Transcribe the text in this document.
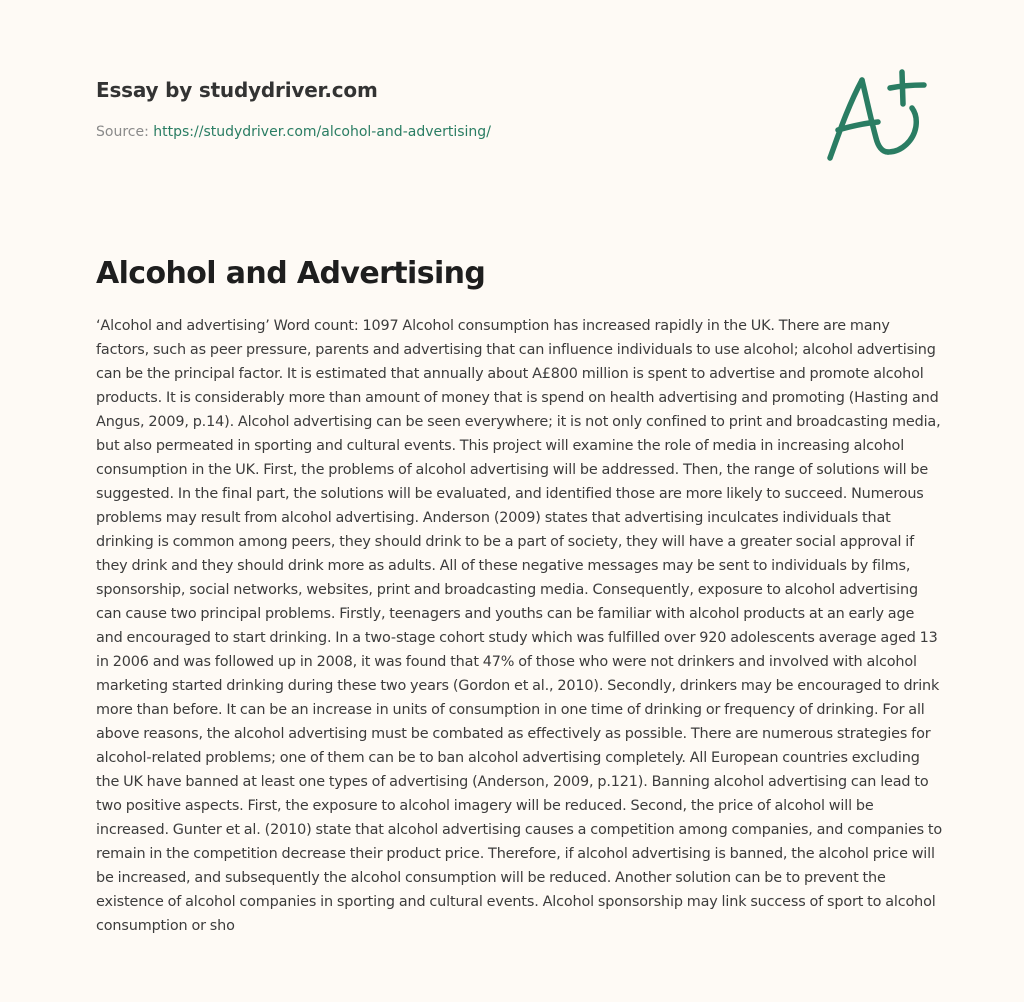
Essay by studydriver.com
Source: https://studydriver.com/alcohol-and-advertising/
Alcohol and Advertising

‘Alcohol and advertising’ Word count: 1097 Alcohol consumption has increased rapidly in the UK. There are many factors, such as peer pressure, parents and advertising that can influence individuals to use alcohol; alcohol advertising can be the principal factor. It is estimated that annually about A£800 million is spent to advertise and promote alcohol products. It is considerably more than amount of money that is spend on health advertising and promoting (Hasting and Angus, 2009, p.14). Alcohol advertising can be seen everywhere; it is not only confined to print and broadcasting media, but also permeated in sporting and cultural events. This project will examine the role of media in increasing alcohol consumption in the UK. First, the problems of alcohol advertising will be addressed. Then, the range of solutions will be suggested. In the final part, the solutions will be evaluated, and identified those are more likely to succeed. Numerous problems may result from alcohol advertising. Anderson (2009) states that advertising inculcates individuals that drinking is common among peers, they should drink to be a part of society, they will have a greater social approval if they drink and they should drink more as adults. All of these negative messages may be sent to individuals by films, sponsorship, social networks, websites, print and broadcasting media. Consequently, exposure to alcohol advertising can cause two principal problems. Firstly, teenagers and youths can be familiar with alcohol products at an early age and encouraged to start drinking. In a two-stage cohort study which was fulfilled over 920 adolescents average aged 13 in 2006 and was followed up in 2008, it was found that 47% of those who were not drinkers and involved with alcohol marketing started drinking during these two years (Gordon et al., 2010). Secondly, drinkers may be encouraged to drink more than before. It can be an increase in units of consumption in one time of drinking or frequency of drinking. For all above reasons, the alcohol advertising must be combated as effectively as possible. There are numerous strategies for alcohol-related problems; one of them can be to ban alcohol advertising completely. All European countries excluding the UK have banned at least one types of advertising (Anderson, 2009, p.121). Banning alcohol advertising can lead to two positive aspects. First, the exposure to alcohol imagery will be reduced. Second, the price of alcohol will be increased. Gunter et al. (2010) state that alcohol advertising causes a competition among companies, and companies to remain in the competition decrease their product price. Therefore, if alcohol advertising is banned, the alcohol price will be increased, and subsequently the alcohol consumption will be reduced. Another solution can be to prevent the existence of alcohol companies in sporting and cultural events. Alcohol sponsorship may link success of sport to alcohol consumption or sho
